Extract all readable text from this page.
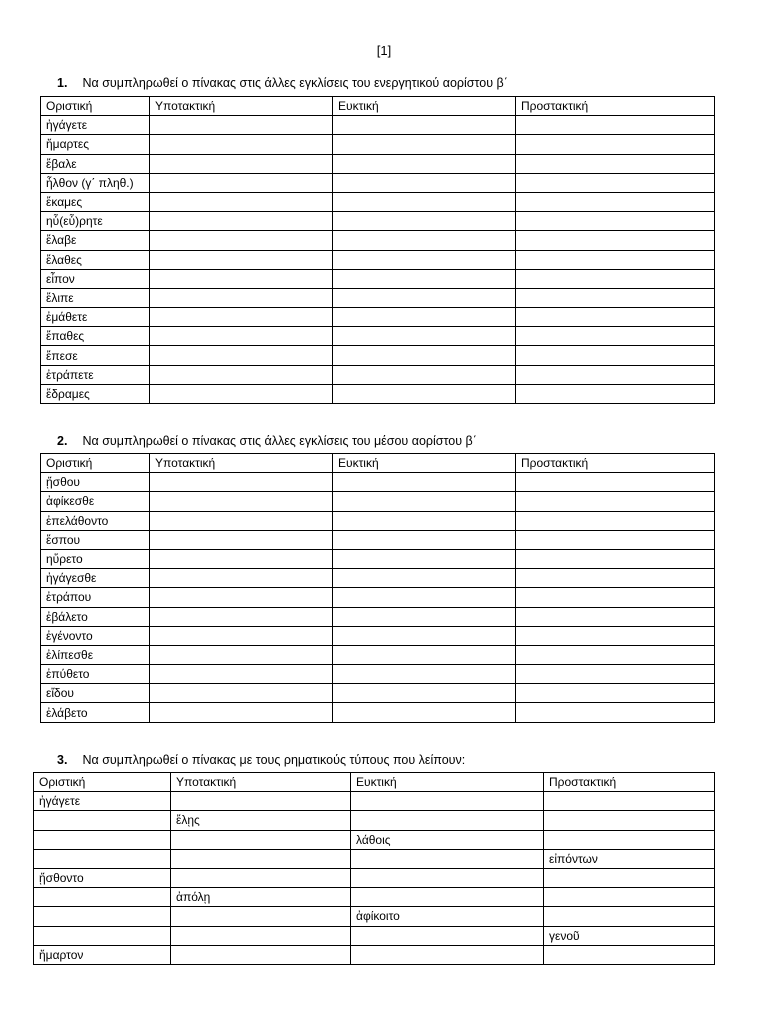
[1]
1. Να συμπληρωθεί ο πίνακας στις άλλες εγκλίσεις του ενεργητικού αορίστου β΄
Οριστική	Υποτακτική	Ευκτική	Προστακτική
ἠγάγετε			
ἥμαρτες			
ἔβαλε			
ἦλθον (γ΄ πληθ.)			
ἔκαμες			
ηὗ(εὗ)ρητε			
ἔλαβε			
ἔλαθες			
εἶπον			
ἔλιπε			
ἐμάθετε			
ἔπαθες			
ἔπεσε			
ἐτράπετε			
ἔδραμες			
2. Να συμπληρωθεί ο πίνακας στις άλλες εγκλίσεις του μέσου αορίστου β΄
Οριστική	Υποτακτική	Ευκτική	Προστακτική
ᾔσθου			
ἀφίκεσθε			
ἐπελάθοντο			
ἕσπου			
ηὕρετο			
ἠγάγεσθε			
ἐτράπου			
ἐβάλετο			
ἐγένοντο			
ἐλίπεσθε			
ἐπύθετο			
εἴδου			
ἐλάβετο			
3. Να συμπληρωθεί ο πίνακας με τους ρηματικούς τύπους που λείπουν:
Οριστική	Υποτακτική	Ευκτική	Προστακτική
ἠγάγετε			
	ἔλῃς		
		λάθοις	
			εἰπόντων
ᾔσθοντο			
	ἀπόλῃ		
		ἀφίκοιτο	
			γενοῦ
ἥμαρτον			
